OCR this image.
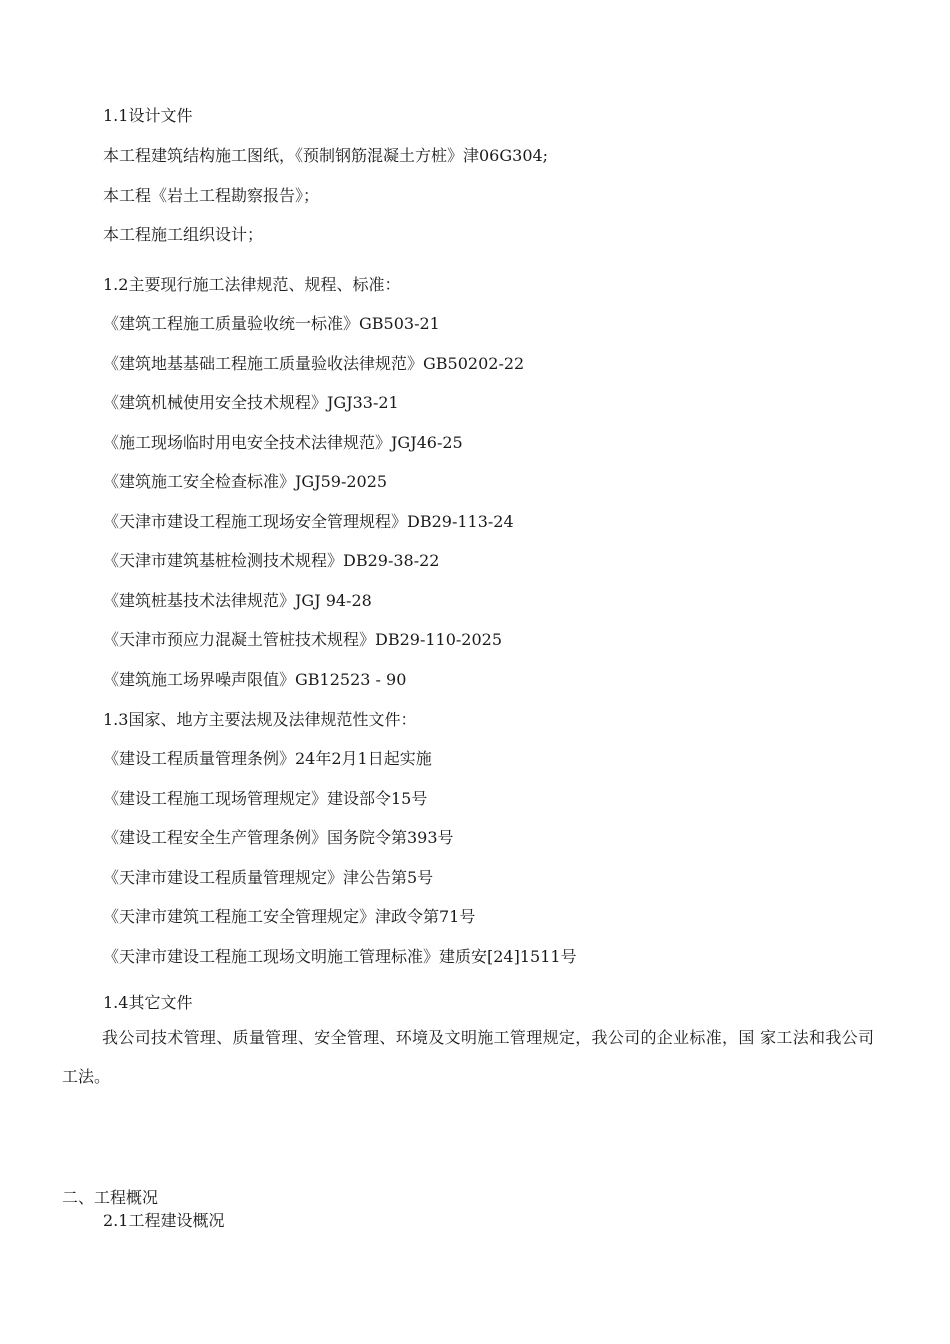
1.1设计文件
本工程建筑结构施工图纸，《预制钢筋混凝土方桩》津06G304;
本工程《岩土工程勘察报告》；
本工程施工组织设计；
1.2主要现行施工法律规范、规程、标准：
《建筑工程施工质量验收统一标准》GB503-21
《建筑地基基础工程施工质量验收法律规范》GB50202-22
《建筑机械使用安全技术规程》JGJ33-21
《施工现场临时用电安全技术法律规范》JGJ46-25
《建筑施工安全检查标准》JGJ59-2025
《天津市建设工程施工现场安全管理规程》DB29-113-24
《天津市建筑基桩检测技术规程》DB29-38-22
《建筑桩基技术法律规范》JGJ 94-28
《天津市预应力混凝土管桩技术规程》DB29-110-2025
《建筑施工场界噪声限值》GB12523 - 90
1.3国家、地方主要法规及法律规范性文件：
《建设工程质量管理条例》24年2月1日起实施
《建设工程施工现场管理规定》建设部令15号
《建设工程安全生产管理条例》国务院令第393号
《天津市建设工程质量管理规定》津公告第5号
《天津市建筑工程施工安全管理规定》津政令第71号
《天津市建设工程施工现场文明施工管理标准》建质安[24]1511号
1.4其它文件
我公司技术管理、质量管理、安全管理、环境及文明施工管理规定，我公司的企业标准，国 家工法和我公司工法。
二、工程概况
2.1工程建设概况
